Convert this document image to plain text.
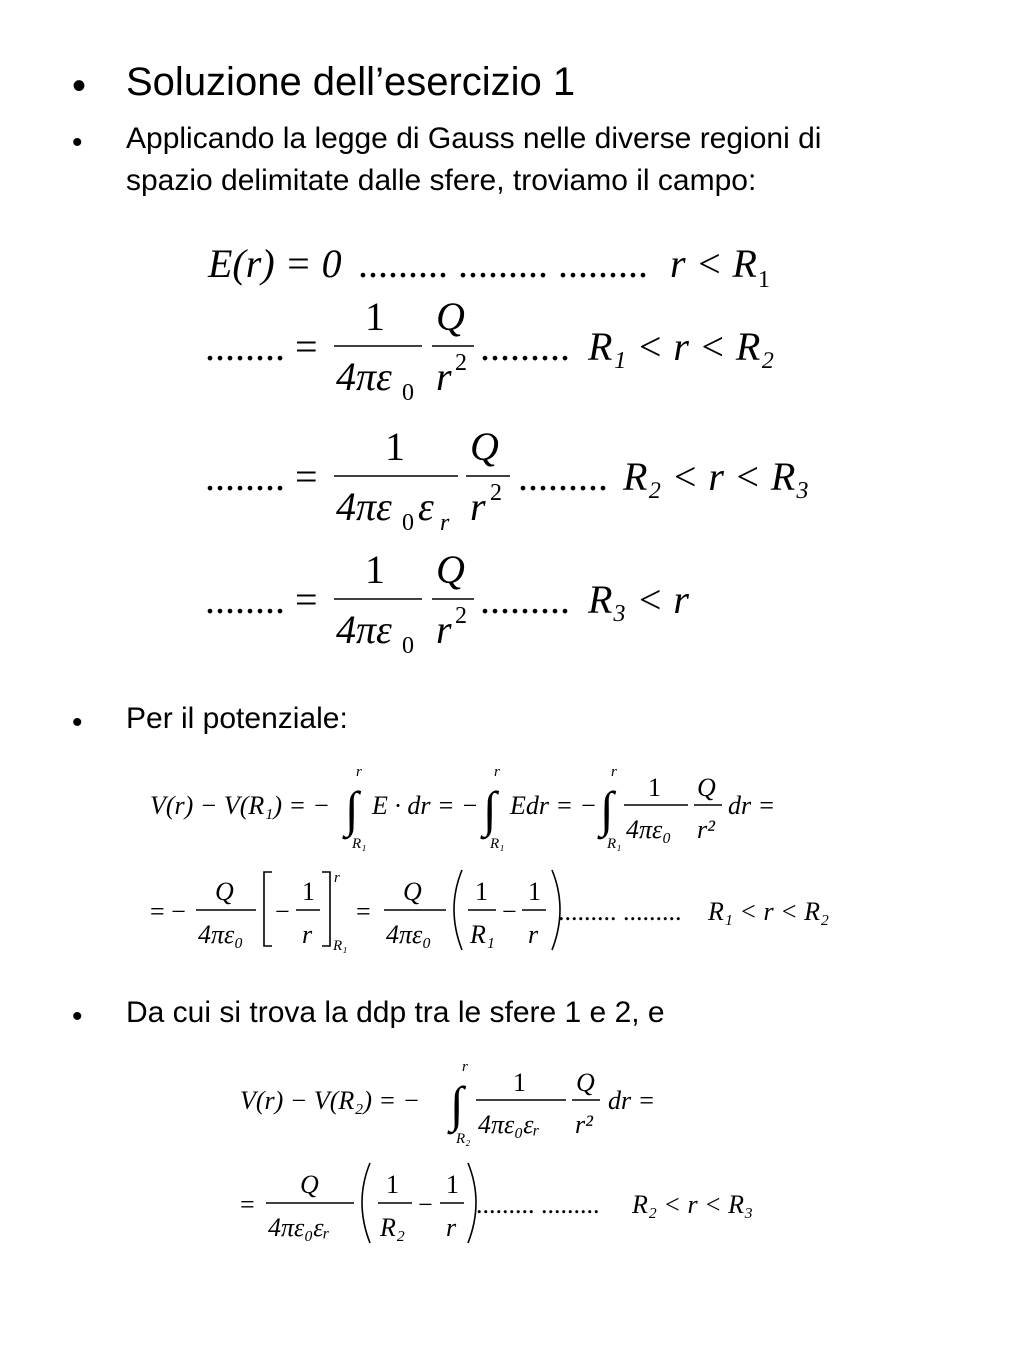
• Soluzione dell’esercizio 1
• Applicando la legge di Gauss nelle diverse regioni di
spazio delimitate dalle sfere, troviamo il campo:
E(r) = 0 ......... ......... ......... r < R 1
........ =
1
4πε 0
Q
r 2 ......... R₁ < r < R₂
........ =
1
4πε 0 ε r
Q
r 2 ......... R₂ < r < R₃
........ =
1
4πε 0
Q
r 2 ......... R₃ < r
• Per il potenziale:
V(r) − V(R₁) = − ∫
r
R₁
E · dr = − ∫
r
R₁
Edr = − ∫
r
R₁
1
4πε₀
Q
r²
dr =
= −
Q
4πε₀
−
1
r
r
R₁
=
Q
4πε₀
1
R₁
−
1
r
......... ......... R₁ < r < R₂
• Da cui si trova la ddp tra le sfere 1 e 2, e
V(r) − V(R₂) = − ∫
r
R₂
1
4πε₀εᵣ
Q
r²
dr =
=
Q
4πε₀εᵣ
1
R₂
−
1
r
......... ......... R₂ < r < R₃
